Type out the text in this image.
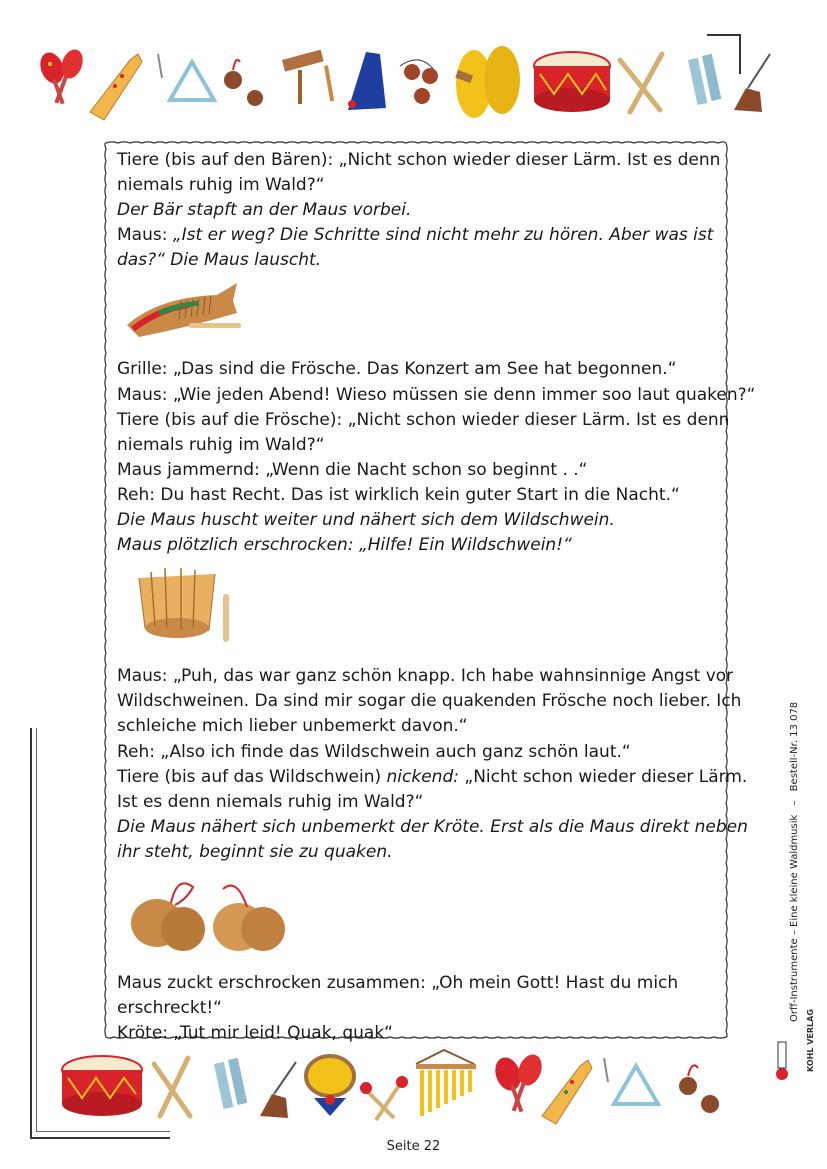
Tiere (bis auf den Bären): „Nicht schon wieder dieser Lärm. Ist es denn
niemals ruhig im Wald?“
Der Bär stapft an der Maus vorbei.
Maus: „Ist er weg? Die Schritte sind nicht mehr zu hören. Aber was ist
das?“ Die Maus lauscht.
Grille: „Das sind die Frösche. Das Konzert am See hat begonnen.“
Maus: „Wie jeden Abend! Wieso müssen sie denn immer soo laut quaken?“
Tiere (bis auf die Frösche): „Nicht schon wieder dieser Lärm. Ist es denn
niemals ruhig im Wald?“
Maus jammernd: „Wenn die Nacht schon so beginnt . .“
Reh: Du hast Recht. Das ist wirklich kein guter Start in die Nacht.“
Die Maus huscht weiter und nähert sich dem Wildschwein.
Maus plötzlich erschrocken: „Hilfe! Ein Wildschwein!“
Maus: „Puh, das war ganz schön knapp. Ich habe wahnsinnige Angst vor
Wildschweinen. Da sind mir sogar die quakenden Frösche noch lieber. Ich
schleiche mich lieber unbemerkt davon.“
Reh: „Also ich finde das Wildschwein auch ganz schön laut.“
Tiere (bis auf das Wildschwein) nickend: „Nicht schon wieder dieser Lärm.
Ist es denn niemals ruhig im Wald?“
Die Maus nähert sich unbemerkt der Kröte. Erst als die Maus direkt neben
ihr steht, beginnt sie zu quaken.
Maus zuckt erschrocken zusammen: „Oh mein Gott! Hast du mich
erschreckt!“
Kröte: „Tut mir leid! Quak, quak“
Orff-Instrumente – Eine kleine Waldmusik – Bestell-Nr. 13 078
KOHL VERLAG
Seite 22
